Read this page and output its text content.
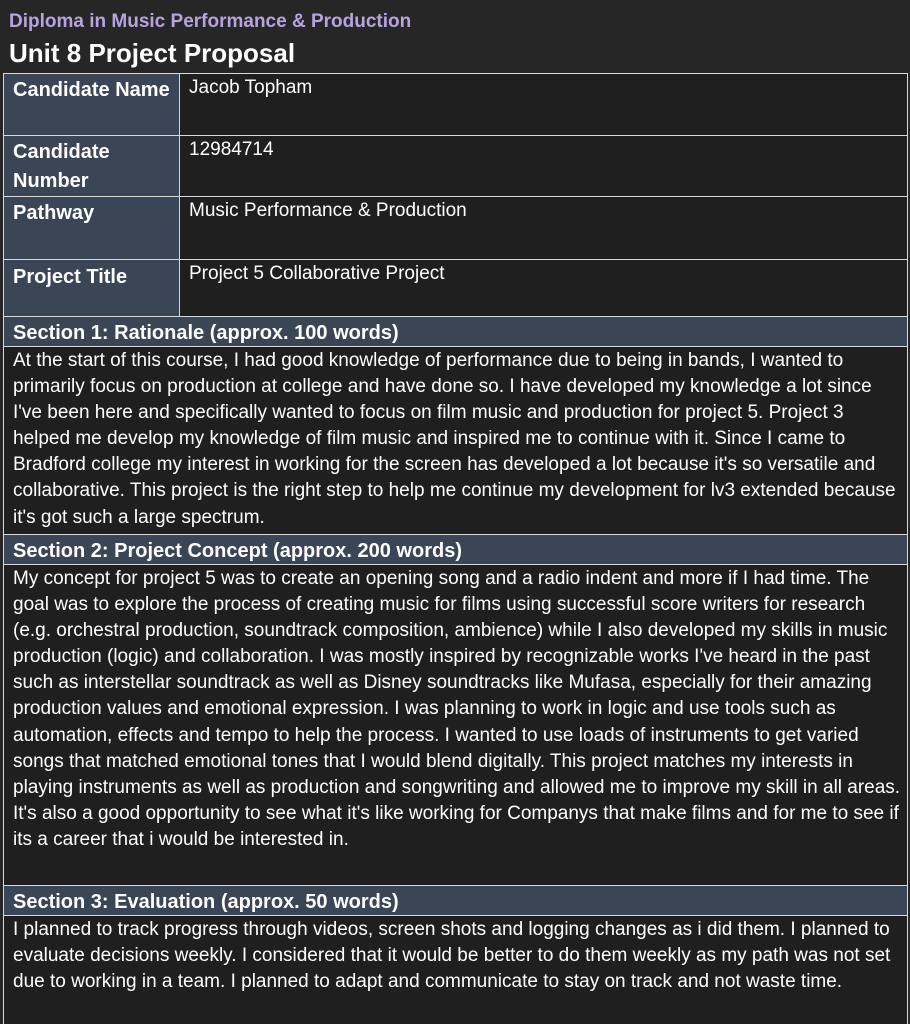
Diploma in Music Performance & Production
Unit 8 Project Proposal
Candidate Name	Jacob Topham
Candidate Number	12984714
Pathway	Music Performance & Production
Project Title	Project 5 Collaborative Project
Section 1: Rationale (approx. 100 words)	
At the start of this course, I had good knowledge of performance due to being in bands, I wanted to primarily focus on production at college and have done so. I have developed my knowledge a lot since I've been here and specifically wanted to focus on film music and production for project 5. Project 3 helped me develop my knowledge of film music and inspired me to continue with it. Since I came to Bradford college my interest in working for the screen has developed a lot because it's so versatile and collaborative. This project is the right step to help me continue my development for lv3 extended because it's got such a large spectrum.	
Section 2: Project Concept (approx. 200 words)	
My concept for project 5 was to create an opening song and a radio indent and more if I had time. The goal was to explore the process of creating music for films using successful score writers for research (e.g. orchestral production, soundtrack composition, ambience) while I also developed my skills in music production (logic) and collaboration. I was mostly inspired by recognizable works I've heard in the past such as interstellar soundtrack as well as Disney soundtracks like Mufasa, especially for their amazing production values and emotional expression. I was planning to work in logic and use tools such as automation, effects and tempo to help the process. I wanted to use loads of instruments to get varied songs that matched emotional tones that I would blend digitally. This project matches my interests in playing instruments as well as production and songwriting and allowed me to improve my skill in all areas. It's also a good opportunity to see what it's like working for Companys that make films and for me to see if its a career that i would be interested in.	
Section 3: Evaluation (approx. 50 words)	
I planned to track progress through videos, screen shots and logging changes as i did them. I planned to evaluate decisions weekly. I considered that it would be better to do them weekly as my path was not set due to working in a team. I planned to adapt and communicate to stay on track and not waste time.	
